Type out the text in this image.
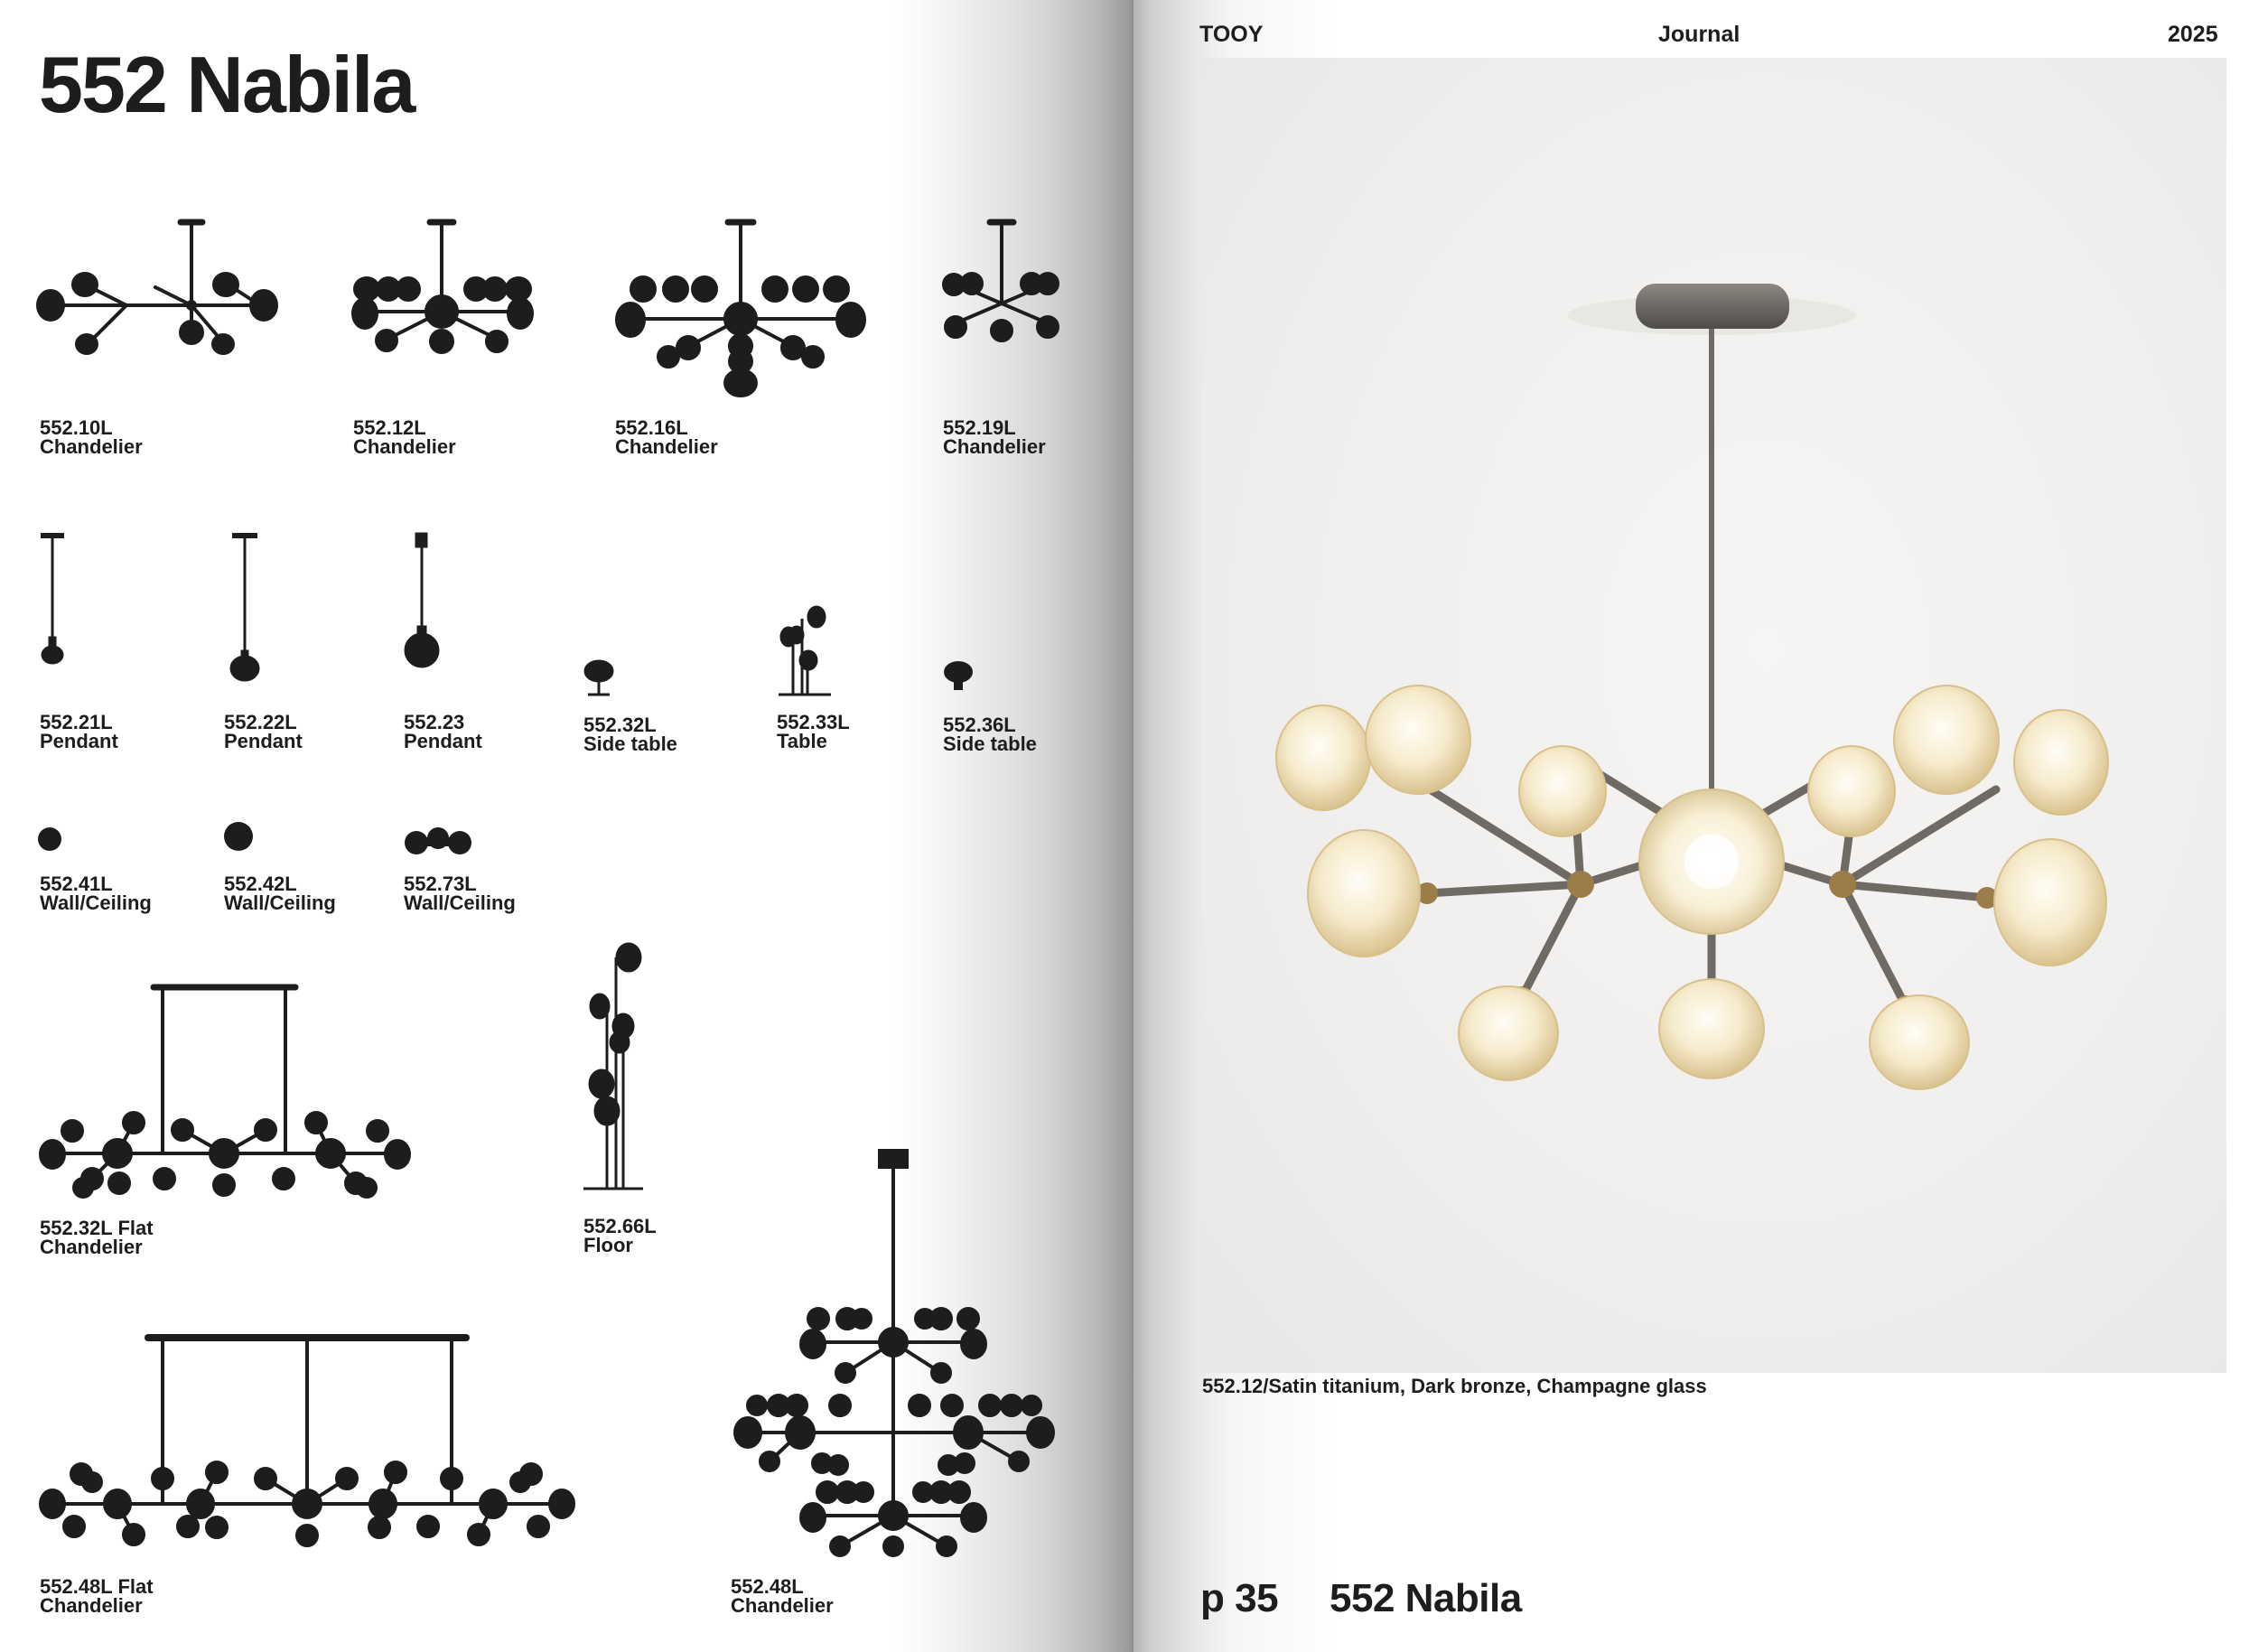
552 Nabila
552.10L
Chandelier
552.12L
Chandelier
552.16L
Chandelier
552.19L
Chandelier
552.21L
Pendant
552.22L
Pendant
552.23
Pendant
552.32L
Side table
552.33L
Table
552.36L
Side table
552.41L
Wall/Ceiling
552.42L
Wall/Ceiling
552.73L
Wall/Ceiling
552.32L Flat
Chandelier
552.66L
Floor
552.48L Flat
Chandelier
552.48L
Chandelier
TOOY	Journal	2025
552.12/Satin titanium, Dark bronze, Champagne glass
p 35 552 Nabila
